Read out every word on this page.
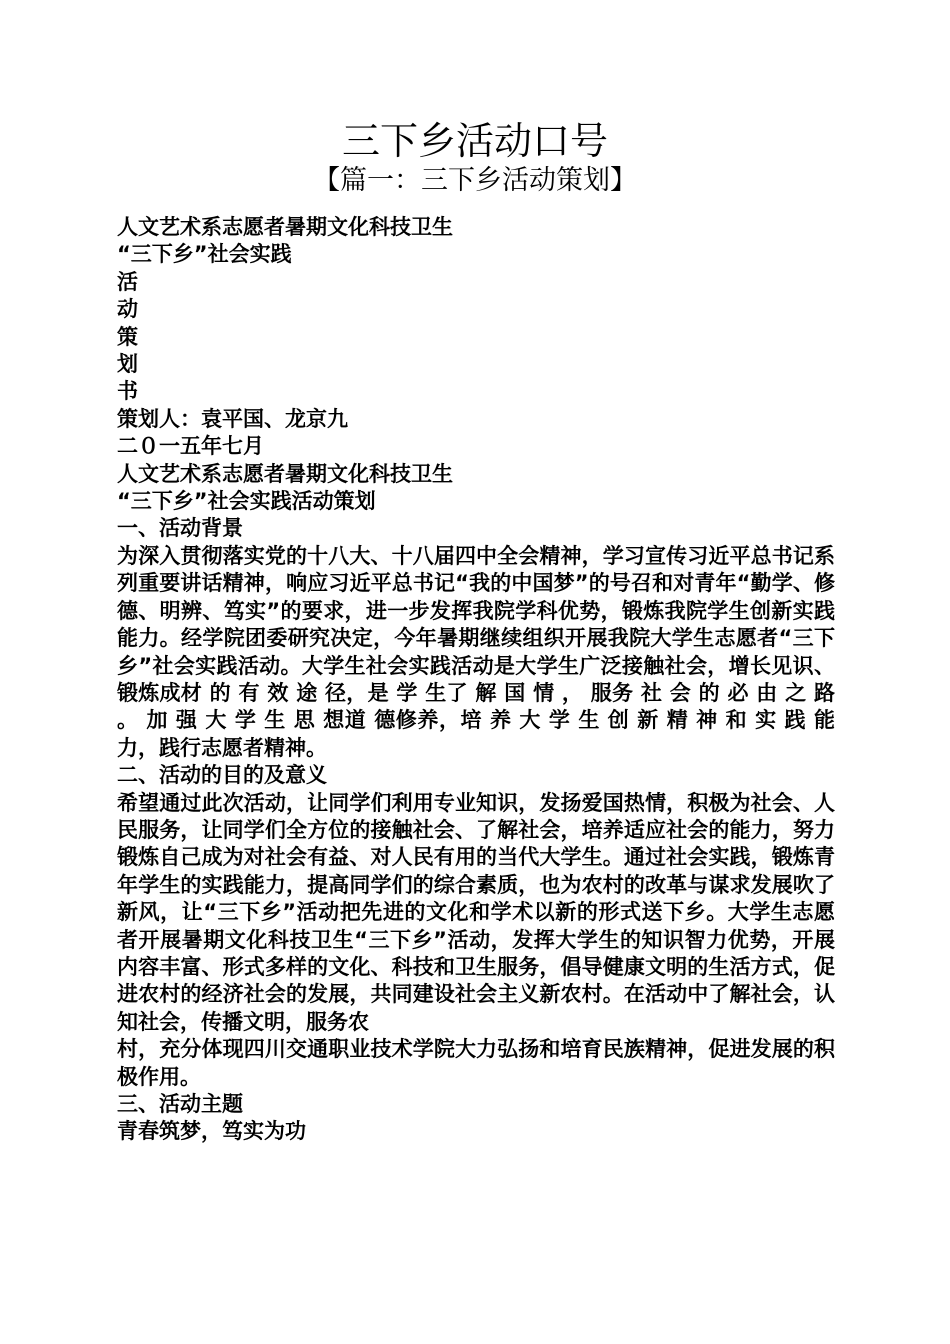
三下乡活动口号
【篇一：三下乡活动策划】
人文艺术系志愿者暑期文化科技卫生
“三下乡”社会实践
活
动
策
划
书
策划人：袁平国、龙京九
二０一五年七月
人文艺术系志愿者暑期文化科技卫生
“三下乡”社会实践活动策划
一、活动背景
为深入贯彻落实党的十八大、十八届四中全会精神，学习宣传习近平总书记系列重要讲话精神，响应习近平总书记“我的中国梦”的号召和对青年“勤学、修德、明辨、笃实”的要求，进一步发挥我院学科优势，锻炼我院学生创新实践能力。经学院团委研究决定，今年暑期继续组织开展我院大学生志愿者“三下乡”社会实践活动。大学生社会实践活动是大学生广泛接触社会，增长见识、锻炼成材 的 有 效 途 径，是 学 生了 解 国 情 ， 服务 社 会 的 必 由 之 路 。 加 强 大 学 生 思 想道 德修养，培 养 大 学 生 创 新 精 神 和 实 践 能 力，践行志愿者精神。
二、活动的目的及意义
希望通过此次活动，让同学们利用专业知识，发扬爱国热情，积极为社会、人民服务，让同学们全方位的接触社会、了解社会，培养适应社会的能力，努力锻炼自己成为对社会有益、对人民有用的当代大学生。通过社会实践，锻炼青年学生的实践能力，提高同学们的综合素质，也为农村的改革与谋求发展吹了新风，让“三下乡”活动把先进的文化和学术以新的形式送下乡。大学生志愿者开展暑期文化科技卫生“三下乡”活动，发挥大学生的知识智力优势，开展内容丰富、形式多样的文化、科技和卫生服务，倡导健康文明的生活方式，促进农村的经济社会的发展，共同建设社会主义新农村。在活动中了解社会，认知社会，传播文明，服务农
村，充分体现四川交通职业技术学院大力弘扬和培育民族精神，促进发展的积极作用。
三、活动主题
青春筑梦，笃实为功
